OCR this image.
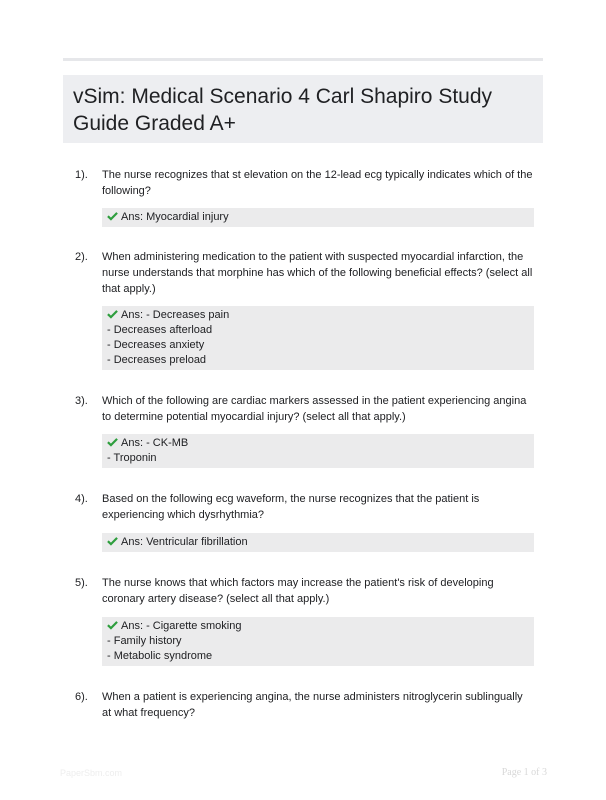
vSim: Medical Scenario 4 Carl Shapiro Study Guide Graded A+
1). The nurse recognizes that st elevation on the 12-lead ecg typically indicates which of the following?
Ans: Myocardial injury
2). When administering medication to the patient with suspected myocardial infarction, the nurse understands that morphine has which of the following beneficial effects? (select all that apply.)
Ans: - Decreases pain
- Decreases afterload
- Decreases anxiety
- Decreases preload
3). Which of the following are cardiac markers assessed in the patient experiencing angina to determine potential myocardial injury? (select all that apply.)
Ans: - CK-MB
- Troponin
4). Based on the following ecg waveform, the nurse recognizes that the patient is experiencing which dysrhythmia?
Ans: Ventricular fibrillation
5). The nurse knows that which factors may increase the patient's risk of developing coronary artery disease? (select all that apply.)
Ans: - Cigarette smoking
- Family history
- Metabolic syndrome
6). When a patient is experiencing angina, the nurse administers nitroglycerin sublingually at what frequency?
PaperSbm.com	Page 1 of 3
